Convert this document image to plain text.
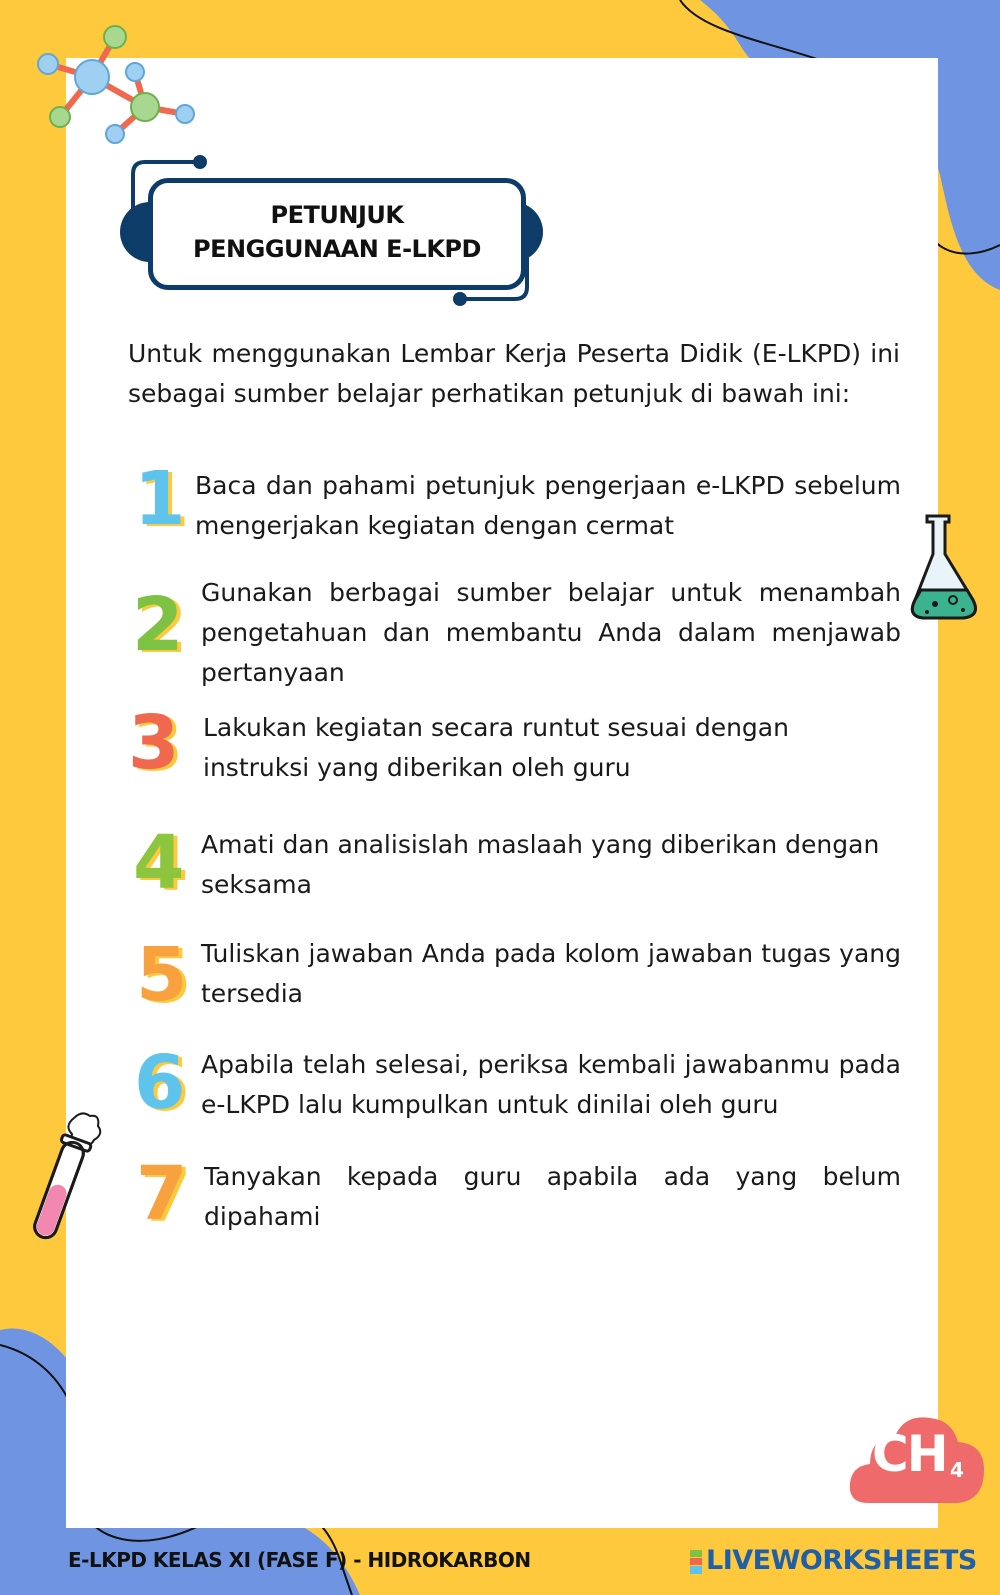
PETUNJUK
PENGGUNAAN E-LKPD
Untuk menggunakan Lembar Kerja Peserta Didik (E-LKPD) ini sebagai sumber belajar perhatikan petunjuk di bawah ini:
1 Baca dan pahami petunjuk pengerjaan e-LKPD sebelum mengerjakan kegiatan dengan cermat
2 Gunakan berbagai sumber belajar untuk menambah pengetahuan dan membantu Anda dalam menjawab pertanyaan
3 Lakukan kegiatan secara runtut sesuai dengan instruksi yang diberikan oleh guru
4 Amati dan analisislah maslaah yang diberikan dengan seksama
5 Tuliskan jawaban Anda pada kolom jawaban tugas yang tersedia
6 Apabila telah selesai, periksa kembali jawabanmu pada e-LKPD lalu kumpulkan untuk dinilai oleh guru
7 Tanyakan kepada guru apabila ada yang belum dipahami
CH 4
E-LKPD KELAS XI (FASE F) - HIDROKARBON	LIVEWORKSHEETS
